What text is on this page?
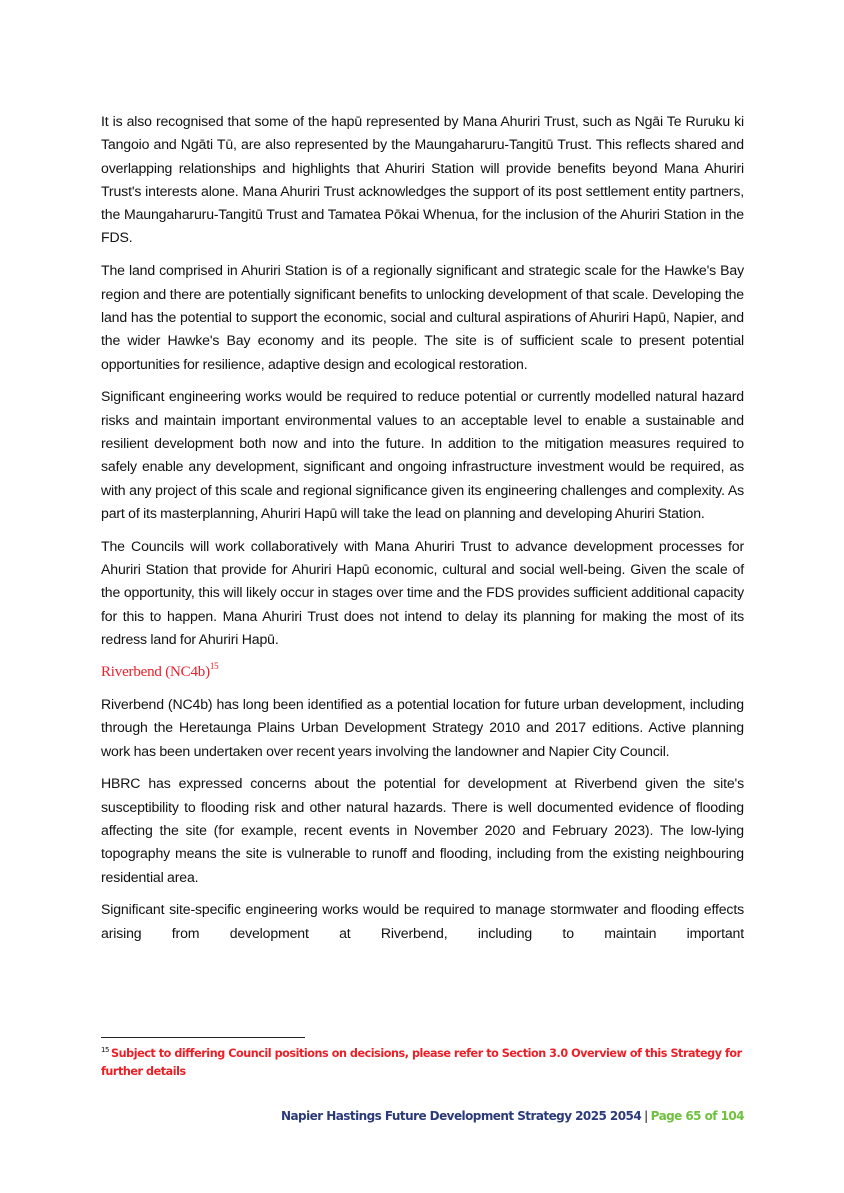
It is also recognised that some of the hapū represented by Mana Ahuriri Trust, such as Ngāi Te Ruruku ki Tangoio and Ngāti Tū, are also represented by the Maungaharuru-Tangitū Trust. This reflects shared and overlapping relationships and highlights that Ahuriri Station will provide benefits beyond Mana Ahuriri Trust's interests alone. Mana Ahuriri Trust acknowledges the support of its post settlement entity partners, the Maungaharuru-Tangitū Trust and Tamatea Pōkai Whenua, for the inclusion of the Ahuriri Station in the FDS.

The land comprised in Ahuriri Station is of a regionally significant and strategic scale for the Hawke's Bay region and there are potentially significant benefits to unlocking development of that scale. Developing the land has the potential to support the economic, social and cultural aspirations of Ahuriri Hapū, Napier, and the wider Hawke's Bay economy and its people. The site is of sufficient scale to present potential opportunities for resilience, adaptive design and ecological restoration.

Significant engineering works would be required to reduce potential or currently modelled natural hazard risks and maintain important environmental values to an acceptable level to enable a sustainable and resilient development both now and into the future. In addition to the mitigation measures required to safely enable any development, significant and ongoing infrastructure investment would be required, as with any project of this scale and regional significance given its engineering challenges and complexity. As part of its masterplanning, Ahuriri Hapū will take the lead on planning and developing Ahuriri Station.

The Councils will work collaboratively with Mana Ahuriri Trust to advance development processes for Ahuriri Station that provide for Ahuriri Hapū economic, cultural and social well-being. Given the scale of the opportunity, this will likely occur in stages over time and the FDS provides sufficient additional capacity for this to happen. Mana Ahuriri Trust does not intend to delay its planning for making the most of its redress land for Ahuriri Hapū.

Riverbend $(NC4b)^{15}$

Riverbend (NC4b) has long been identified as a potential location for future urban development, including through the Heretaunga Plains Urban Development Strategy 2010 and 2017 editions. Active planning work has been undertaken over recent years involving the landowner and Napier City Council.

HBRC has expressed concerns about the potential for development at Riverbend given the site's susceptibility to flooding risk and other natural hazards. There is well documented evidence of flooding affecting the site (for example, recent events in November 2020 and February 2023). The low-lying topography means the site is vulnerable to runoff and flooding, including from the existing neighbouring residential area.

Significant site-specific engineering works would be required to manage stormwater and flooding effects arising from development at Riverbend, including to maintain important

$^{15}$ Subject to differing Council positions on decisions, please refer to Section 3.0 Overview of this Strategy for further details
Napier Hastings Future Development Strategy 2025 2054 | Page 65 of 104
